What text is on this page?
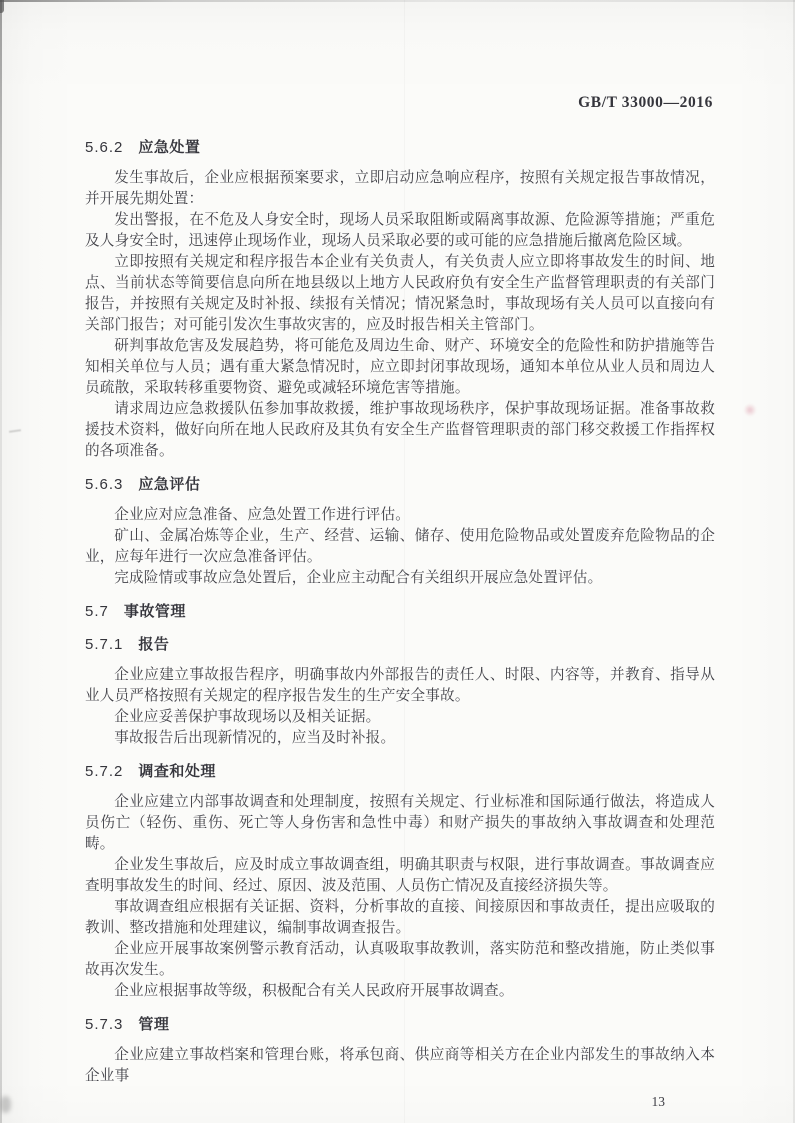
GB/T 33000—2016
5.6.2 应急处置

发生事故后，企业应根据预案要求，立即启动应急响应程序，按照有关规定报告事故情况，并开展先期处置：

发出警报，在不危及人身安全时，现场人员采取阻断或隔离事故源、危险源等措施；严重危及人身安全时，迅速停止现场作业，现场人员采取必要的或可能的应急措施后撤离危险区域。

立即按照有关规定和程序报告本企业有关负责人，有关负责人应立即将事故发生的时间、地点、当前状态等简要信息向所在地县级以上地方人民政府负有安全生产监督管理职责的有关部门报告，并按照有关规定及时补报、续报有关情况；情况紧急时，事故现场有关人员可以直接向有关部门报告；对可能引发次生事故灾害的，应及时报告相关主管部门。

研判事故危害及发展趋势，将可能危及周边生命、财产、环境安全的危险性和防护措施等告知相关单位与人员；遇有重大紧急情况时，应立即封闭事故现场，通知本单位从业人员和周边人员疏散，采取转移重要物资、避免或减轻环境危害等措施。

请求周边应急救援队伍参加事故救援，维护事故现场秩序，保护事故现场证据。准备事故救援技术资料，做好向所在地人民政府及其负有安全生产监督管理职责的部门移交救援工作指挥权的各项准备。

5.6.3 应急评估

企业应对应急准备、应急处置工作进行评估。

矿山、金属冶炼等企业，生产、经营、运输、储存、使用危险物品或处置废弃危险物品的企业，应每年进行一次应急准备评估。

完成险情或事故应急处置后，企业应主动配合有关组织开展应急处置评估。

5.7 事故管理
5.7.1 报告

企业应建立事故报告程序，明确事故内外部报告的责任人、时限、内容等，并教育、指导从业人员严格按照有关规定的程序报告发生的生产安全事故。

企业应妥善保护事故现场以及相关证据。

事故报告后出现新情况的，应当及时补报。

5.7.2 调查和处理

企业应建立内部事故调查和处理制度，按照有关规定、行业标准和国际通行做法，将造成人员伤亡（轻伤、重伤、死亡等人身伤害和急性中毒）和财产损失的事故纳入事故调查和处理范畴。

企业发生事故后，应及时成立事故调查组，明确其职责与权限，进行事故调查。事故调查应查明事故发生的时间、经过、原因、波及范围、人员伤亡情况及直接经济损失等。

事故调查组应根据有关证据、资料，分析事故的直接、间接原因和事故责任，提出应吸取的教训、整改措施和处理建议，编制事故调查报告。

企业应开展事故案例警示教育活动，认真吸取事故教训，落实防范和整改措施，防止类似事故再次发生。

企业应根据事故等级，积极配合有关人民政府开展事故调查。

5.7.3 管理

企业应建立事故档案和管理台账，将承包商、供应商等相关方在企业内部发生的事故纳入本企业事

13
